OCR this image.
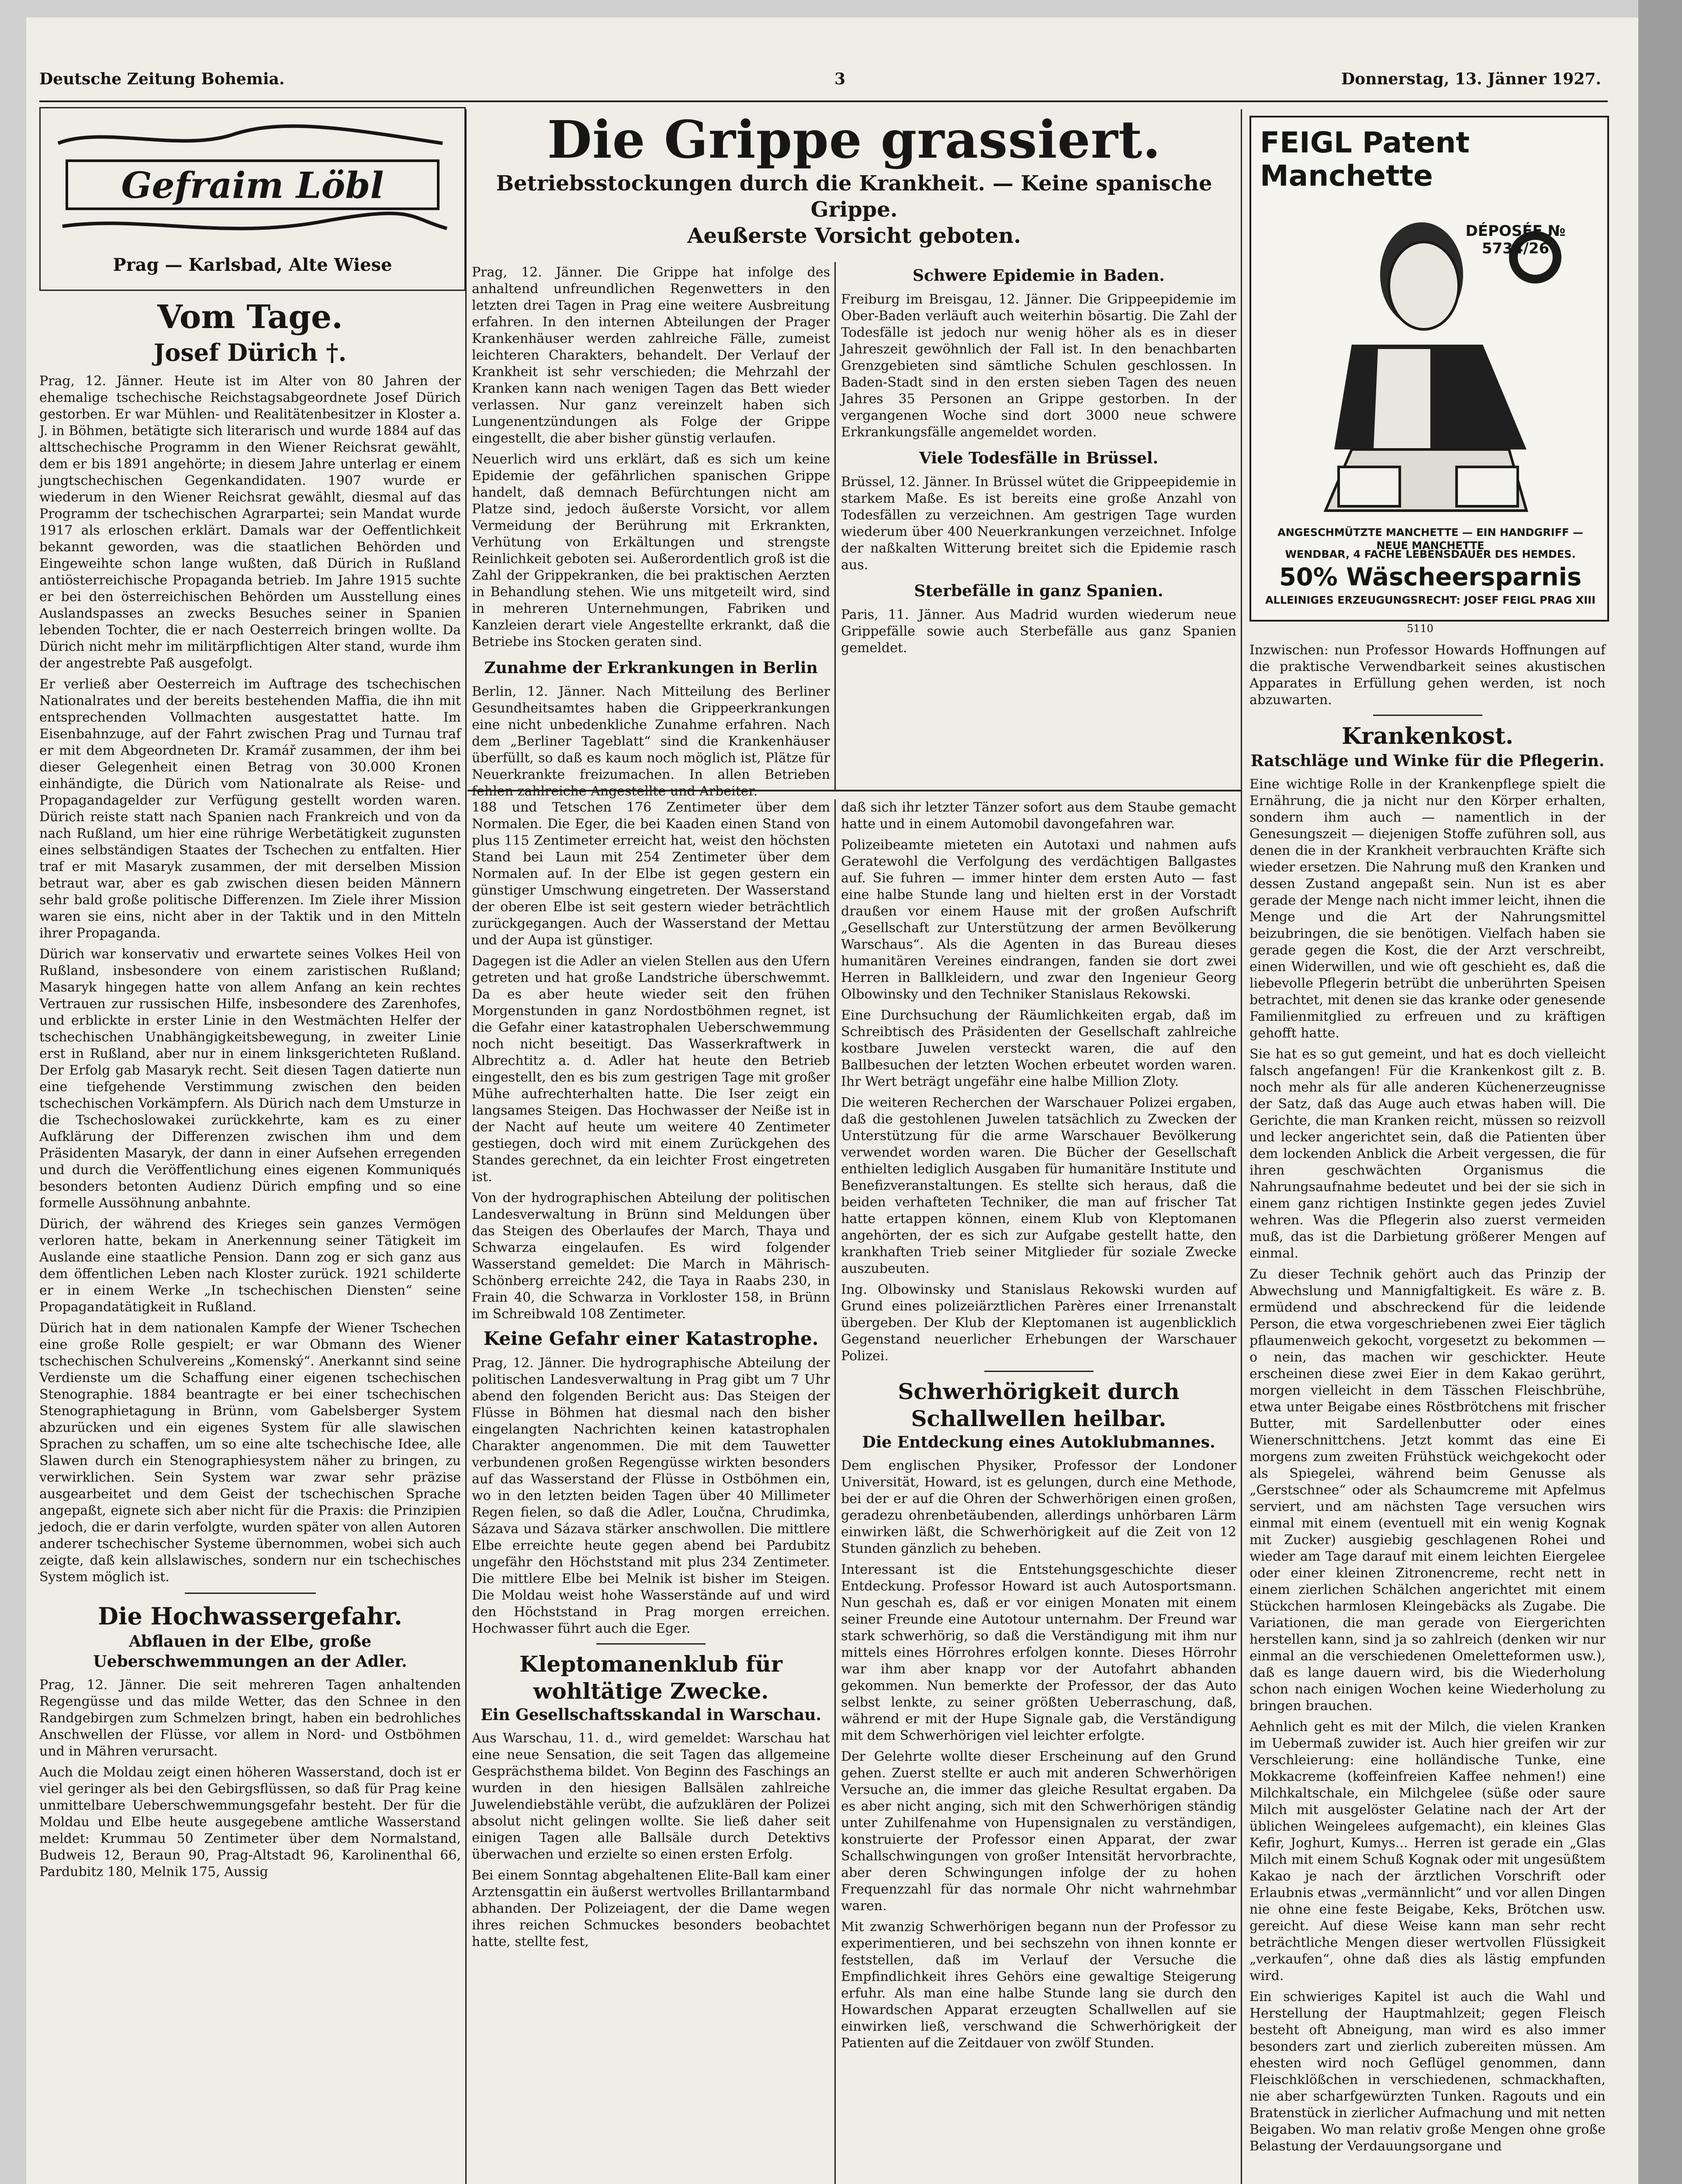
Deutsche Zeitung Bohemia.	3	Donnerstag, 13. Jänner 1927.
Gefraim Löbl
Prag — Karlsbad, Alte Wiese
Vom Tage.
Josef Dürich †.

Prag, 12. Jänner. Heute ist im Alter von 80 Jahren der ehemalige tschechische Reichstagsabgeordnete Josef Dürich gestorben. Er war Mühlen- und Realitätenbesitzer in Kloster a. J. in Böhmen, betätigte sich literarisch und wurde 1884 auf das alttschechische Programm in den Wiener Reichsrat gewählt, dem er bis 1891 angehörte; in diesem Jahre unterlag er einem jungtschechischen Gegenkandidaten. 1907 wurde er wiederum in den Wiener Reichsrat gewählt, diesmal auf das Programm der tschechischen Agrarpartei; sein Mandat wurde 1917 als erloschen erklärt. Damals war der Oeffentlichkeit bekannt geworden, was die staatlichen Behörden und Eingeweihte schon lange wußten, daß Dürich in Rußland antiösterreichische Propaganda betrieb. Im Jahre 1915 suchte er bei den österreichischen Behörden um Ausstellung eines Auslandspasses an zwecks Besuches seiner in Spanien lebenden Tochter, die er nach Oesterreich bringen wollte. Da Dürich nicht mehr im militärpflichtigen Alter stand, wurde ihm der angestrebte Paß ausgefolgt.

Er verließ aber Oesterreich im Auftrage des tschechischen Nationalrates und der bereits bestehenden Maffia, die ihn mit entsprechenden Vollmachten ausgestattet hatte. Im Eisenbahnzuge, auf der Fahrt zwischen Prag und Turnau traf er mit dem Abgeordneten Dr. Kramář zusammen, der ihm bei dieser Gelegenheit einen Betrag von 30.000 Kronen einhändigte, die Dürich vom Nationalrate als Reise- und Propagandagelder zur Verfügung gestellt worden waren. Dürich reiste statt nach Spanien nach Frankreich und von da nach Rußland, um hier eine rührige Werbetätigkeit zugunsten eines selbständigen Staates der Tschechen zu entfalten. Hier traf er mit Masaryk zusammen, der mit derselben Mission betraut war, aber es gab zwischen diesen beiden Männern sehr bald große politische Differenzen. Im Ziele ihrer Mission waren sie eins, nicht aber in der Taktik und in den Mitteln ihrer Propaganda.

Dürich war konservativ und erwartete seines Volkes Heil von Rußland, insbesondere von einem zaristischen Rußland; Masaryk hingegen hatte von allem Anfang an kein rechtes Vertrauen zur russischen Hilfe, insbesondere des Zarenhofes, und erblickte in erster Linie in den Westmächten Helfer der tschechischen Unabhängigkeitsbewegung, in zweiter Linie erst in Rußland, aber nur in einem linksgerichteten Rußland. Der Erfolg gab Masaryk recht. Seit diesen Tagen datierte nun eine tiefgehende Verstimmung zwischen den beiden tschechischen Vorkämpfern. Als Dürich nach dem Umsturze in die Tschechoslowakei zurückkehrte, kam es zu einer Aufklärung der Differenzen zwischen ihm und dem Präsidenten Masaryk, der dann in einer Aufsehen erregenden und durch die Veröffentlichung eines eigenen Kommuniqués besonders betonten Audienz Dürich empfing und so eine formelle Aussöhnung anbahnte.

Dürich, der während des Krieges sein ganzes Vermögen verloren hatte, bekam in Anerkennung seiner Tätigkeit im Auslande eine staatliche Pension. Dann zog er sich ganz aus dem öffentlichen Leben nach Kloster zurück. 1921 schilderte er in einem Werke „In tschechischen Diensten“ seine Propagandatätigkeit in Rußland.

Dürich hat in dem nationalen Kampfe der Wiener Tschechen eine große Rolle gespielt; er war Obmann des Wiener tschechischen Schulvereins „Komenský“. Anerkannt sind seine Verdienste um die Schaffung einer eigenen tschechischen Stenographie. 1884 beantragte er bei einer tschechischen Stenographietagung in Brünn, vom Gabelsberger System abzurücken und ein eigenes System für alle slawischen Sprachen zu schaffen, um so eine alte tschechische Idee, alle Slawen durch ein Stenographiesystem näher zu bringen, zu verwirklichen. Sein System war zwar sehr präzise ausgearbeitet und dem Geist der tschechischen Sprache angepaßt, eignete sich aber nicht für die Praxis: die Prinzipien jedoch, die er darin verfolgte, wurden später von allen Autoren anderer tschechischer Systeme übernommen, wobei sich auch zeigte, daß kein allslawisches, sondern nur ein tschechisches System möglich ist.

Die Hochwassergefahr.

Abflauen in der Elbe, große Ueberschwemmungen an der Adler.

Prag, 12. Jänner. Die seit mehreren Tagen anhaltenden Regengüsse und das milde Wetter, das den Schnee in den Randgebirgen zum Schmelzen bringt, haben ein bedrohliches Anschwellen der Flüsse, vor allem in Nord- und Ostböhmen und in Mähren verursacht.

Auch die Moldau zeigt einen höheren Wasserstand, doch ist er viel geringer als bei den Gebirgsflüssen, so daß für Prag keine unmittelbare Ueberschwemmungsgefahr besteht. Der für die Moldau und Elbe heute ausgegebene amtliche Wasserstand meldet: Krummau 50 Zentimeter über dem Normalstand, Budweis 12, Beraun 90, Prag-Altstadt 96, Karolinenthal 66, Pardubitz 180, Melnik 175, Aussig

Die Grippe grassiert.

Betriebsstockungen durch die Krankheit. — Keine spanische Grippe.

Aeußerste Vorsicht geboten.

Prag, 12. Jänner. Die Grippe hat infolge des anhaltend unfreundlichen Regenwetters in den letzten drei Tagen in Prag eine weitere Ausbreitung erfahren. In den internen Abteilungen der Prager Krankenhäuser werden zahlreiche Fälle, zumeist leichteren Charakters, behandelt. Der Verlauf der Krankheit ist sehr verschieden; die Mehrzahl der Kranken kann nach wenigen Tagen das Bett wieder verlassen. Nur ganz vereinzelt haben sich Lungenentzündungen als Folge der Grippe eingestellt, die aber bisher günstig verlaufen.

Neuerlich wird uns erklärt, daß es sich um keine Epidemie der gefährlichen spanischen Grippe handelt, daß demnach Befürchtungen nicht am Platze sind, jedoch äußerste Vorsicht, vor allem Vermeidung der Berührung mit Erkrankten, Verhütung von Erkältungen und strengste Reinlichkeit geboten sei. Außerordentlich groß ist die Zahl der Grippekranken, die bei praktischen Aerzten in Behandlung stehen. Wie uns mitgeteilt wird, sind in mehreren Unternehmungen, Fabriken und Kanzleien derart viele Angestellte erkrankt, daß die Betriebe ins Stocken geraten sind.

Zunahme der Erkrankungen in Berlin

Berlin, 12. Jänner. Nach Mitteilung des Berliner Gesundheitsamtes haben die Grippeerkrankungen eine nicht unbedenkliche Zunahme erfahren. Nach dem „Berliner Tageblatt“ sind die Krankenhäuser überfüllt, so daß es kaum noch möglich ist, Plätze für Neuerkrankte freizumachen. In allen Betrieben fehlen zahlreiche Angestellte und Arbeiter.

Schwere Epidemie in Baden.

Freiburg im Breisgau, 12. Jänner. Die Grippeepidemie im Ober-Baden verläuft auch weiterhin bösartig. Die Zahl der Todesfälle ist jedoch nur wenig höher als es in dieser Jahreszeit gewöhnlich der Fall ist. In den benachbarten Grenzgebieten sind sämtliche Schulen geschlossen. In Baden-Stadt sind in den ersten sieben Tagen des neuen Jahres 35 Personen an Grippe gestorben. In der vergangenen Woche sind dort 3000 neue schwere Erkrankungsfälle angemeldet worden.

Viele Todesfälle in Brüssel.

Brüssel, 12. Jänner. In Brüssel wütet die Grippeepidemie in starkem Maße. Es ist bereits eine große Anzahl von Todesfällen zu verzeichnen. Am gestrigen Tage wurden wiederum über 400 Neuerkrankungen verzeichnet. Infolge der naßkalten Witterung breitet sich die Epidemie rasch aus.

Sterbefälle in ganz Spanien.

Paris, 11. Jänner. Aus Madrid wurden wiederum neue Grippefälle sowie auch Sterbefälle aus ganz Spanien gemeldet.

188 und Tetschen 176 Zentimeter über dem Normalen. Die Eger, die bei Kaaden einen Stand von plus 115 Zentimeter erreicht hat, weist den höchsten Stand bei Laun mit 254 Zentimeter über dem Normalen auf. In der Elbe ist gegen gestern ein günstiger Umschwung eingetreten. Der Wasserstand der oberen Elbe ist seit gestern wieder beträchtlich zurückgegangen. Auch der Wasserstand der Mettau und der Aupa ist günstiger.

Dagegen ist die Adler an vielen Stellen aus den Ufern getreten und hat große Landstriche überschwemmt. Da es aber heute wieder seit den frühen Morgenstunden in ganz Nordostböhmen regnet, ist die Gefahr einer katastrophalen Ueberschwemmung noch nicht beseitigt. Das Wasserkraftwerk in Albrechtitz a. d. Adler hat heute den Betrieb eingestellt, den es bis zum gestrigen Tage mit großer Mühe aufrechterhalten hatte. Die Iser zeigt ein langsames Steigen. Das Hochwasser der Neiße ist in der Nacht auf heute um weitere 40 Zentimeter gestiegen, doch wird mit einem Zurückgehen des Standes gerechnet, da ein leichter Frost eingetreten ist.

Von der hydrographischen Abteilung der politischen Landesverwaltung in Brünn sind Meldungen über das Steigen des Oberlaufes der March, Thaya und Schwarza eingelaufen. Es wird folgender Wasserstand gemeldet: Die March in Mährisch-Schönberg erreichte 242, die Taya in Raabs 230, in Frain 40, die Schwarza in Vorkloster 158, in Brünn im Schreibwald 108 Zentimeter.

Keine Gefahr einer Katastrophe.

Prag, 12. Jänner. Die hydrographische Abteilung der politischen Landesverwaltung in Prag gibt um 7 Uhr abend den folgenden Bericht aus: Das Steigen der Flüsse in Böhmen hat diesmal nach den bisher eingelangten Nachrichten keinen katastrophalen Charakter angenommen. Die mit dem Tauwetter verbundenen großen Regengüsse wirkten besonders auf das Wasserstand der Flüsse in Ostböhmen ein, wo in den letzten beiden Tagen über 40 Millimeter Regen fielen, so daß die Adler, Loučna, Chrudimka, Sázava und Sázava stärker anschwollen. Die mittlere Elbe erreichte heute gegen abend bei Pardubitz ungefähr den Höchststand mit plus 234 Zentimeter. Die mittlere Elbe bei Melnik ist bisher im Steigen. Die Moldau weist hohe Wasserstände auf und wird den Höchststand in Prag morgen erreichen. Hochwasser führt auch die Eger.

Kleptomanenklub für wohltätige Zwecke.

Ein Gesellschaftsskandal in Warschau.

Aus Warschau, 11. d., wird gemeldet: Warschau hat eine neue Sensation, die seit Tagen das allgemeine Gesprächsthema bildet. Von Beginn des Faschings an wurden in den hiesigen Ballsälen zahlreiche Juwelendiebstähle verübt, die aufzuklären der Polizei absolut nicht gelingen wollte. Sie ließ daher seit einigen Tagen alle Ballsäle durch Detektivs überwachen und erzielte so einen ersten Erfolg.

Bei einem Sonntag abgehaltenen Elite-Ball kam einer Arztensgattin ein äußerst wertvolles Brillantarmband abhanden. Der Polizeiagent, der die Dame wegen ihres reichen Schmuckes besonders beobachtet hatte, stellte fest,

daß sich ihr letzter Tänzer sofort aus dem Staube gemacht hatte und in einem Automobil davongefahren war.

Polizeibeamte mieteten ein Autotaxi und nahmen aufs Geratewohl die Verfolgung des verdächtigen Ballgastes auf. Sie fuhren — immer hinter dem ersten Auto — fast eine halbe Stunde lang und hielten erst in der Vorstadt draußen vor einem Hause mit der großen Aufschrift „Gesellschaft zur Unterstützung der armen Bevölkerung Warschaus“. Als die Agenten in das Bureau dieses humanitären Vereines eindrangen, fanden sie dort zwei Herren in Ballkleidern, und zwar den Ingenieur Georg Olbowinsky und den Techniker Stanislaus Rekowski.

Eine Durchsuchung der Räumlichkeiten ergab, daß im Schreibtisch des Präsidenten der Gesellschaft zahlreiche kostbare Juwelen versteckt waren, die auf den Ballbesuchen der letzten Wochen erbeutet worden waren. Ihr Wert beträgt ungefähr eine halbe Million Zloty.

Die weiteren Recherchen der Warschauer Polizei ergaben, daß die gestohlenen Juwelen tatsächlich zu Zwecken der Unterstützung für die arme Warschauer Bevölkerung verwendet worden waren. Die Bücher der Gesellschaft enthielten lediglich Ausgaben für humanitäre Institute und Benefizveranstaltungen. Es stellte sich heraus, daß die beiden verhafteten Techniker, die man auf frischer Tat hatte ertappen können, einem Klub von Kleptomanen angehörten, der es sich zur Aufgabe gestellt hatte, den krankhaften Trieb seiner Mitglieder für soziale Zwecke auszubeuten.

Ing. Olbowinsky und Stanislaus Rekowski wurden auf Grund eines polizeiärztlichen Parères einer Irrenanstalt übergeben. Der Klub der Kleptomanen ist augenblicklich Gegenstand neuerlicher Erhebungen der Warschauer Polizei.

Schwerhörigkeit durch Schallwellen heilbar.

Die Entdeckung eines Autoklubmannes.

Dem englischen Physiker, Professor der Londoner Universität, Howard, ist es gelungen, durch eine Methode, bei der er auf die Ohren der Schwerhörigen einen großen, geradezu ohrenbetäubenden, allerdings unhörbaren Lärm einwirken läßt, die Schwerhörigkeit auf die Zeit von 12 Stunden gänzlich zu beheben.

Interessant ist die Entstehungsgeschichte dieser Entdeckung. Professor Howard ist auch Autosportsmann. Nun geschah es, daß er vor einigen Monaten mit einem seiner Freunde eine Autotour unternahm. Der Freund war stark schwerhörig, so daß die Verständigung mit ihm nur mittels eines Hörrohres erfolgen konnte. Dieses Hörrohr war ihm aber knapp vor der Autofahrt abhanden gekommen. Nun bemerkte der Professor, der das Auto selbst lenkte, zu seiner größten Ueberraschung, daß, während er mit der Hupe Signale gab, die Verständigung mit dem Schwerhörigen viel leichter erfolgte.

Der Gelehrte wollte dieser Erscheinung auf den Grund gehen. Zuerst stellte er auch mit anderen Schwerhörigen Versuche an, die immer das gleiche Resultat ergaben. Da es aber nicht anging, sich mit den Schwerhörigen ständig unter Zuhilfenahme von Hupensignalen zu verständigen, konstruierte der Professor einen Apparat, der zwar Schallschwingungen von großer Intensität hervorbrachte, aber deren Schwingungen infolge der zu hohen Frequenzzahl für das normale Ohr nicht wahrnehmbar waren.

Mit zwanzig Schwerhörigen begann nun der Professor zu experimentieren, und bei sechszehn von ihnen konnte er feststellen, daß im Verlauf der Versuche die Empfindlichkeit ihres Gehörs eine gewaltige Steigerung erfuhr. Als man eine halbe Stunde lang sie durch den Howardschen Apparat erzeugten Schallwellen auf sie einwirken ließ, verschwand die Schwerhörigkeit der Patienten auf die Zeitdauer von zwölf Stunden.

FEIGL Patent Manchette
DÉPOSÉE № 5734/26
ANGESCHMÜTZTE MANCHETTE — EIN HANDGRIFF — NEUE MANCHETTE
WENDBAR, 4 FACHE LEBENSDAUER DES HEMDES.
50% Wäscheersparnis
ALLEINIGES ERZEUGUNGSRECHT: JOSEF FEIGL PRAG XIII
5110

Inzwischen: nun Professor Howards Hoffnungen auf die praktische Verwendbarkeit seines akustischen Apparates in Erfüllung gehen werden, ist noch abzuwarten.

Krankenkost.

Ratschläge und Winke für die Pflegerin.

Eine wichtige Rolle in der Krankenpflege spielt die Ernährung, die ja nicht nur den Körper erhalten, sondern ihm auch — namentlich in der Genesungszeit — diejenigen Stoffe zuführen soll, aus denen die in der Krankheit verbrauchten Kräfte sich wieder ersetzen. Die Nahrung muß den Kranken und dessen Zustand angepaßt sein. Nun ist es aber gerade der Menge nach nicht immer leicht, ihnen die Menge und die Art der Nahrungsmittel beizubringen, die sie benötigen. Vielfach haben sie gerade gegen die Kost, die der Arzt verschreibt, einen Widerwillen, und wie oft geschieht es, daß die liebevolle Pflegerin betrübt die unberührten Speisen betrachtet, mit denen sie das kranke oder genesende Familienmitglied zu erfreuen und zu kräftigen gehofft hatte.

Sie hat es so gut gemeint, und hat es doch vielleicht falsch angefangen! Für die Krankenkost gilt z. B. noch mehr als für alle anderen Küchenerzeugnisse der Satz, daß das Auge auch etwas haben will. Die Gerichte, die man Kranken reicht, müssen so reizvoll und lecker angerichtet sein, daß die Patienten über dem lockenden Anblick die Arbeit vergessen, die für ihren geschwächten Organismus die Nahrungsaufnahme bedeutet und bei der sie sich in einem ganz richtigen Instinkte gegen jedes Zuviel wehren. Was die Pflegerin also zuerst vermeiden muß, das ist die Darbietung größerer Mengen auf einmal.

Zu dieser Technik gehört auch das Prinzip der Abwechslung und Mannigfaltigkeit. Es wäre z. B. ermüdend und abschreckend für die leidende Person, die etwa vorgeschriebenen zwei Eier täglich pflaumenweich gekocht, vorgesetzt zu bekommen — o nein, das machen wir geschickter. Heute erscheinen diese zwei Eier in dem Kakao gerührt, morgen vielleicht in dem Tässchen Fleischbrühe, etwa unter Beigabe eines Röstbrötchens mit frischer Butter, mit Sardellenbutter oder eines Wienerschnittchens. Jetzt kommt das eine Ei morgens zum zweiten Frühstück weichgekocht oder als Spiegelei, während beim Genusse als „Gerstschnee“ oder als Schaumcreme mit Apfelmus serviert, und am nächsten Tage versuchen wirs einmal mit einem (eventuell mit ein wenig Kognak mit Zucker) ausgiebig geschlagenen Rohei und wieder am Tage darauf mit einem leichten Eiergelee oder einer kleinen Zitronencreme, recht nett in einem zierlichen Schälchen angerichtet mit einem Stückchen harmlosen Kleingebäcks als Zugabe. Die Variationen, die man gerade von Eiergerichten herstellen kann, sind ja so zahlreich (denken wir nur einmal an die verschiedenen Omeletteformen usw.), daß es lange dauern wird, bis die Wiederholung schon nach einigen Wochen keine Wiederholung zu bringen brauchen.

Aehnlich geht es mit der Milch, die vielen Kranken im Uebermaß zuwider ist. Auch hier greifen wir zur Verschleierung: eine holländische Tunke, eine Mokkacreme (koffeinfreien Kaffee nehmen!) eine Milchkaltschale, ein Milchgelee (süße oder saure Milch mit ausgelöster Gelatine nach der Art der üblichen Weingelees aufgemacht), ein kleines Glas Kefir, Joghurt, Kumys... Herren ist gerade ein „Glas Milch mit einem Schuß Kognak oder mit ungesüßtem Kakao je nach der ärztlichen Vorschrift oder Erlaubnis etwas „vermännlicht“ und vor allen Dingen nie ohne eine feste Beigabe, Keks, Brötchen usw. gereicht. Auf diese Weise kann man sehr recht beträchtliche Mengen dieser wertvollen Flüssigkeit „verkaufen“, ohne daß dies als lästig empfunden wird.

Ein schwieriges Kapitel ist auch die Wahl und Herstellung der Hauptmahlzeit; gegen Fleisch besteht oft Abneigung, man wird es also immer besonders zart und zierlich zubereiten müssen. Am ehesten wird noch Geflügel genommen, dann Fleischklößchen in verschiedenen, schmackhaften, nie aber scharfgewürzten Tunken. Ragouts und ein Bratenstück in zierlicher Aufmachung und mit netten Beigaben. Wo man relativ große Mengen ohne große Belastung der Verdauungsorgane und
